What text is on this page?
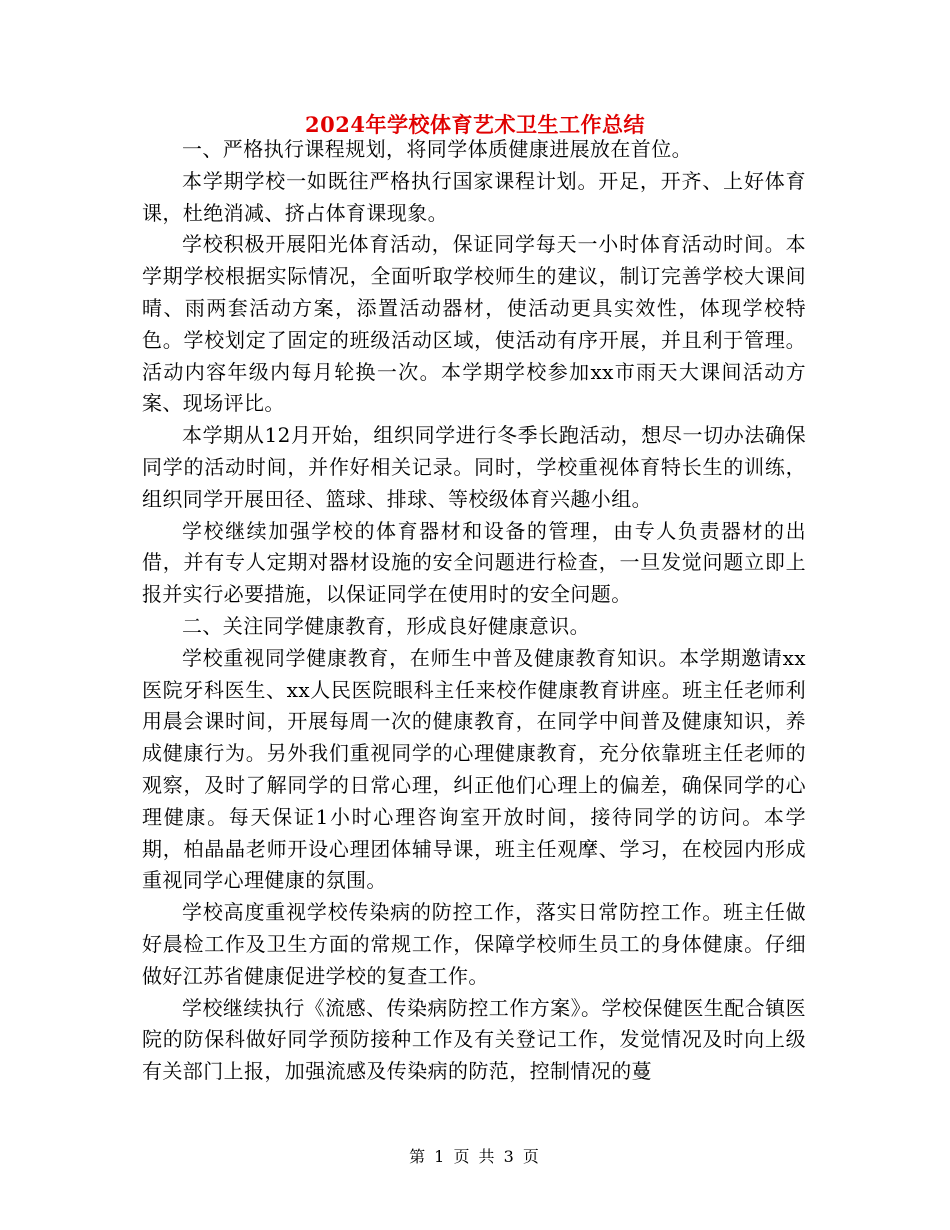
2024年学校体育艺术卫生工作总结

一、严格执行课程规划，将同学体质健康进展放在首位。

本学期学校一如既往严格执行国家课程计划。开足，开齐、上好体育课，杜绝消减、挤占体育课现象。

学校积极开展阳光体育活动，保证同学每天一小时体育活动时间。本学期学校根据实际情况，全面听取学校师生的建议，制订完善学校大课间晴、雨两套活动方案，添置活动器材，使活动更具实效性，体现学校特色。学校划定了固定的班级活动区域，使活动有序开展，并且利于管理。活动内容年级内每月轮换一次。本学期学校参加xx市雨天大课间活动方案、现场评比。

本学期从12月开始，组织同学进行冬季长跑活动，想尽一切办法确保同学的活动时间，并作好相关记录。同时，学校重视体育特长生的训练，组织同学开展田径、篮球、排球、等校级体育兴趣小组。

学校继续加强学校的体育器材和设备的管理，由专人负责器材的出借，并有专人定期对器材设施的安全问题进行检查，一旦发觉问题立即上报并实行必要措施，以保证同学在使用时的安全问题。

二、关注同学健康教育，形成良好健康意识。

学校重视同学健康教育，在师生中普及健康教育知识。本学期邀请xx医院牙科医生、xx人民医院眼科主任来校作健康教育讲座。班主任老师利用晨会课时间，开展每周一次的健康教育，在同学中间普及健康知识，养成健康行为。另外我们重视同学的心理健康教育，充分依靠班主任老师的观察，及时了解同学的日常心理，纠正他们心理上的偏差，确保同学的心理健康。每天保证1小时心理咨询室开放时间，接待同学的访问。本学期，柏晶晶老师开设心理团体辅导课，班主任观摩、学习，在校园内形成重视同学心理健康的氛围。

学校高度重视学校传染病的防控工作，落实日常防控工作。班主任做好晨检工作及卫生方面的常规工作，保障学校师生员工的身体健康。仔细做好江苏省健康促进学校的复查工作。

学校继续执行《流感、传染病防控工作方案》。学校保健医生配合镇医院的防保科做好同学预防接种工作及有关登记工作，发觉情况及时向上级有关部门上报，加强流感及传染病的防范，控制情况的蔓

第 1 页 共 3 页
